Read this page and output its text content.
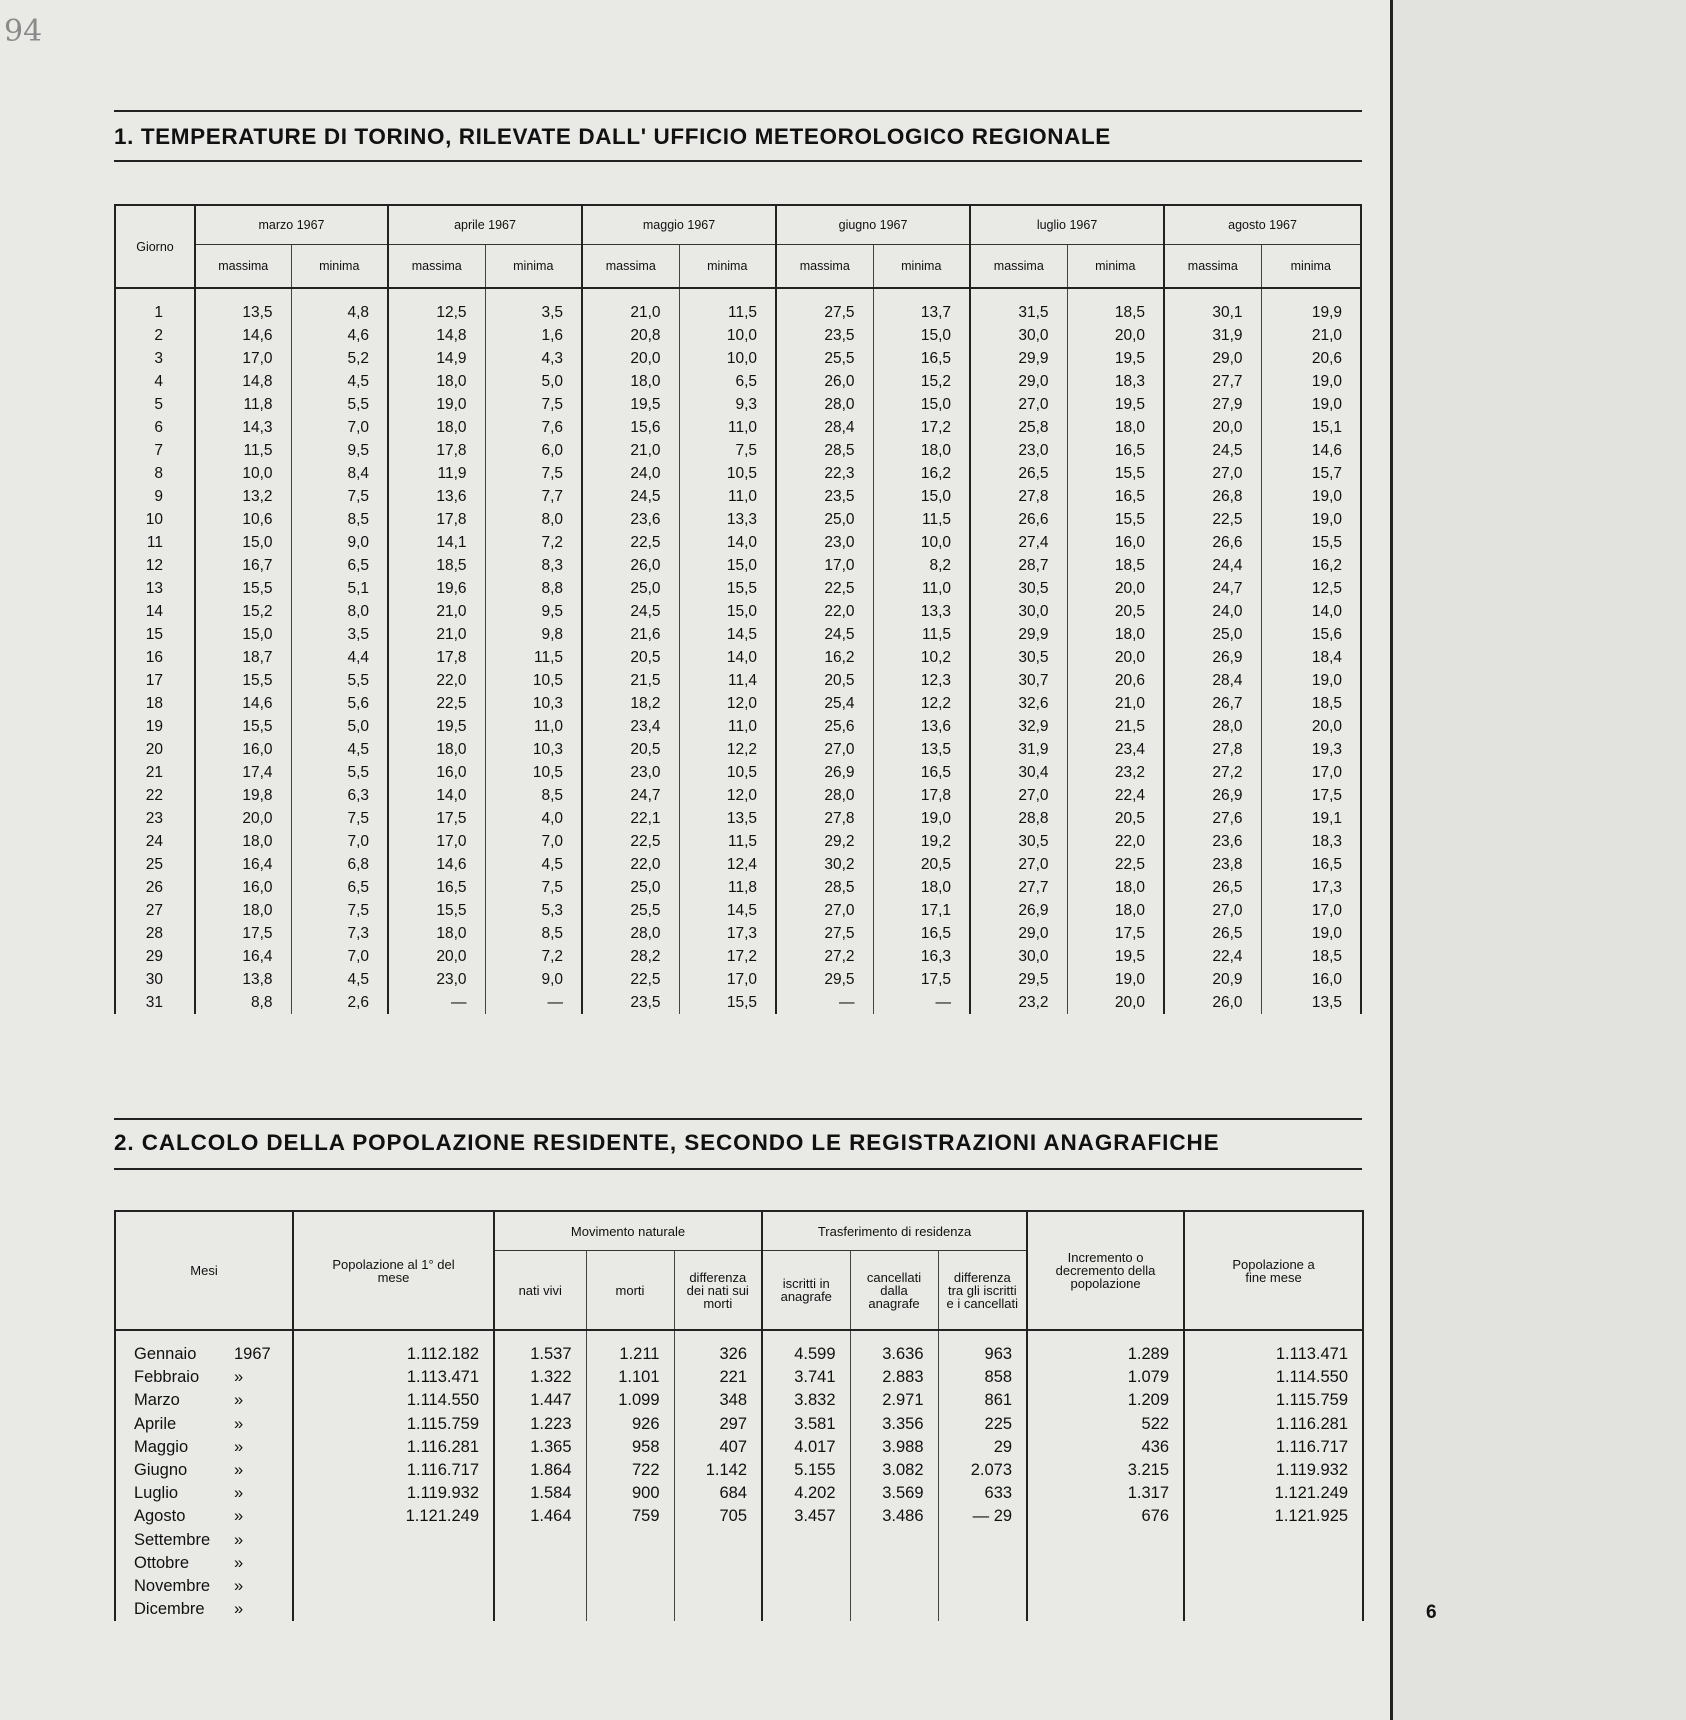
94
6
1. TEMPERATURE DI TORINO, RILEVATE DALL' UFFICIO METEOROLOGICO REGIONALE
Giorno	marzo 1967		aprile 1967		maggio 1967		giugno 1967		luglio 1967		agosto 1967	
	massima	minima	massima	minima	massima	minima	massima	minima	massima	minima	massima	minima

1	13,5	4,8	12,5	3,5	21,0	11,5	27,5	13,7	31,5	18,5	30,1	19,9
2	14,6	4,6	14,8	1,6	20,8	10,0	23,5	15,0	30,0	20,0	31,9	21,0
3	17,0	5,2	14,9	4,3	20,0	10,0	25,5	16,5	29,9	19,5	29,0	20,6
4	14,8	4,5	18,0	5,0	18,0	6,5	26,0	15,2	29,0	18,3	27,7	19,0
5	11,8	5,5	19,0	7,5	19,5	9,3	28,0	15,0	27,0	19,5	27,9	19,0
6	14,3	7,0	18,0	7,6	15,6	11,0	28,4	17,2	25,8	18,0	20,0	15,1
7	11,5	9,5	17,8	6,0	21,0	7,5	28,5	18,0	23,0	16,5	24,5	14,6
8	10,0	8,4	11,9	7,5	24,0	10,5	22,3	16,2	26,5	15,5	27,0	15,7
9	13,2	7,5	13,6	7,7	24,5	11,0	23,5	15,0	27,8	16,5	26,8	19,0
10	10,6	8,5	17,8	8,0	23,6	13,3	25,0	11,5	26,6	15,5	22,5	19,0
11	15,0	9,0	14,1	7,2	22,5	14,0	23,0	10,0	27,4	16,0	26,6	15,5
12	16,7	6,5	18,5	8,3	26,0	15,0	17,0	8,2	28,7	18,5	24,4	16,2
13	15,5	5,1	19,6	8,8	25,0	15,5	22,5	11,0	30,5	20,0	24,7	12,5
14	15,2	8,0	21,0	9,5	24,5	15,0	22,0	13,3	30,0	20,5	24,0	14,0
15	15,0	3,5	21,0	9,8	21,6	14,5	24,5	11,5	29,9	18,0	25,0	15,6
16	18,7	4,4	17,8	11,5	20,5	14,0	16,2	10,2	30,5	20,0	26,9	18,4
17	15,5	5,5	22,0	10,5	21,5	11,4	20,5	12,3	30,7	20,6	28,4	19,0
18	14,6	5,6	22,5	10,3	18,2	12,0	25,4	12,2	32,6	21,0	26,7	18,5
19	15,5	5,0	19,5	11,0	23,4	11,0	25,6	13,6	32,9	21,5	28,0	20,0
20	16,0	4,5	18,0	10,3	20,5	12,2	27,0	13,5	31,9	23,4	27,8	19,3
21	17,4	5,5	16,0	10,5	23,0	10,5	26,9	16,5	30,4	23,2	27,2	17,0
22	19,8	6,3	14,0	8,5	24,7	12,0	28,0	17,8	27,0	22,4	26,9	17,5
23	20,0	7,5	17,5	4,0	22,1	13,5	27,8	19,0	28,8	20,5	27,6	19,1
24	18,0	7,0	17,0	7,0	22,5	11,5	29,2	19,2	30,5	22,0	23,6	18,3
25	16,4	6,8	14,6	4,5	22,0	12,4	30,2	20,5	27,0	22,5	23,8	16,5
26	16,0	6,5	16,5	7,5	25,0	11,8	28,5	18,0	27,7	18,0	26,5	17,3
27	18,0	7,5	15,5	5,3	25,5	14,5	27,0	17,1	26,9	18,0	27,0	17,0
28	17,5	7,3	18,0	8,5	28,0	17,3	27,5	16,5	29,0	17,5	26,5	19,0
29	16,4	7,0	20,0	7,2	28,2	17,2	27,2	16,3	30,0	19,5	22,4	18,5
30	13,8	4,5	23,0	9,0	22,5	17,0	29,5	17,5	29,5	19,0	20,9	16,0
31	8,8	2,6	—	—	23,5	15,5	—	—	23,2	20,0	26,0	13,5
2. CALCOLO DELLA POPOLAZIONE RESIDENTE, SECONDO LE REGISTRAZIONI ANAGRAFICHE
Mesi	Popolazione al 1° del mese	Movimento naturale			Trasferimento di residenza			Incremento o decremento della popolazione	Popolazione a fine mese
		nati vivi	morti	differenza dei nati sui morti	iscritti in anagrafe	cancellati dalla anagrafe	differenza tra gli iscritti e i cancellati		

Gennaio 1967	1.112.182	1.537	1.211	326	4.599	3.636	963	1.289	1.113.471
Febbraio »	1.113.471	1.322	1.101	221	3.741	2.883	858	1.079	1.114.550
Marzo »	1.114.550	1.447	1.099	348	3.832	2.971	861	1.209	1.115.759
Aprile »	1.115.759	1.223	926	297	3.581	3.356	225	522	1.116.281
Maggio »	1.116.281	1.365	958	407	4.017	3.988	29	436	1.116.717
Giugno »	1.116.717	1.864	722	1.142	5.155	3.082	2.073	3.215	1.119.932
Luglio »	1.119.932	1.584	900	684	4.202	3.569	633	1.317	1.121.249
Agosto »	1.121.249	1.464	759	705	3.457	3.486	— 29	676	1.121.925
Settembre »									

Ottobre »									

Novembre »									

Dicembre »									
